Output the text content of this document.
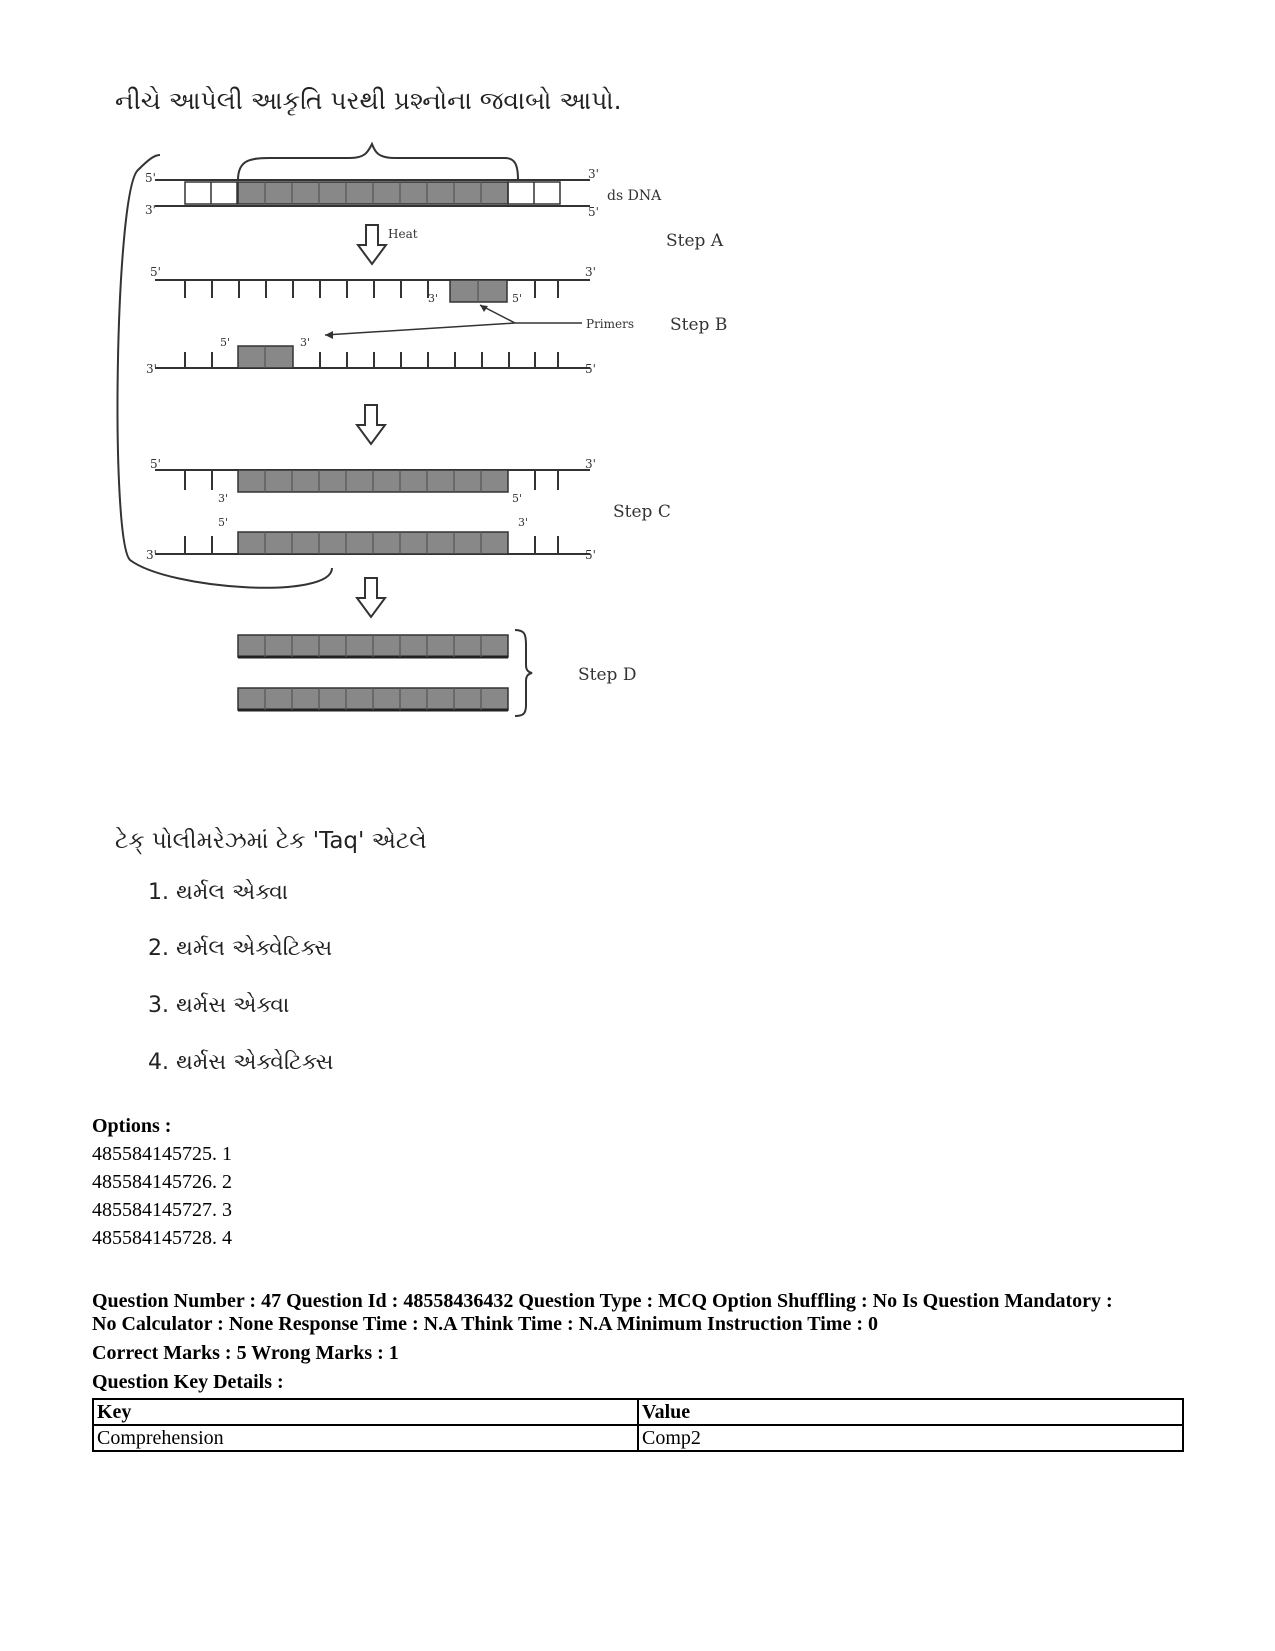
નીચે આપેલી આકૃતિ પરથી પ્રશ્નોના જવાબો આપો.
5'
3'
3'
5'
ds DNA
Heat	Step A
5'	3'
3'	5'
Primers Step B
5'	3'
3'	5'
5'	3'
3'	5'
5'	3'
Step C
3'	5'
Step D
ટેક્ પોલીમરેઝમાં ટેક 'Taq' એટલે
1. થર્મલ એક્વા
2. થર્મલ એક્વેટિક્સ
3. થર્મસ એક્વા
4. થર્મસ એક્વેટિક્સ
Options :
485584145725. 1
485584145726. 2
485584145727. 3
485584145728. 4

Question Number : 47 Question Id : 48558436432 Question Type : MCQ Option Shuffling : No Is Question Mandatory :

No Calculator : None Response Time : N.A Think Time : N.A Minimum Instruction Time : 0

Correct Marks : 5 Wrong Marks : 1

Question Key Details :

Key	Value
Comprehension	Comp2
